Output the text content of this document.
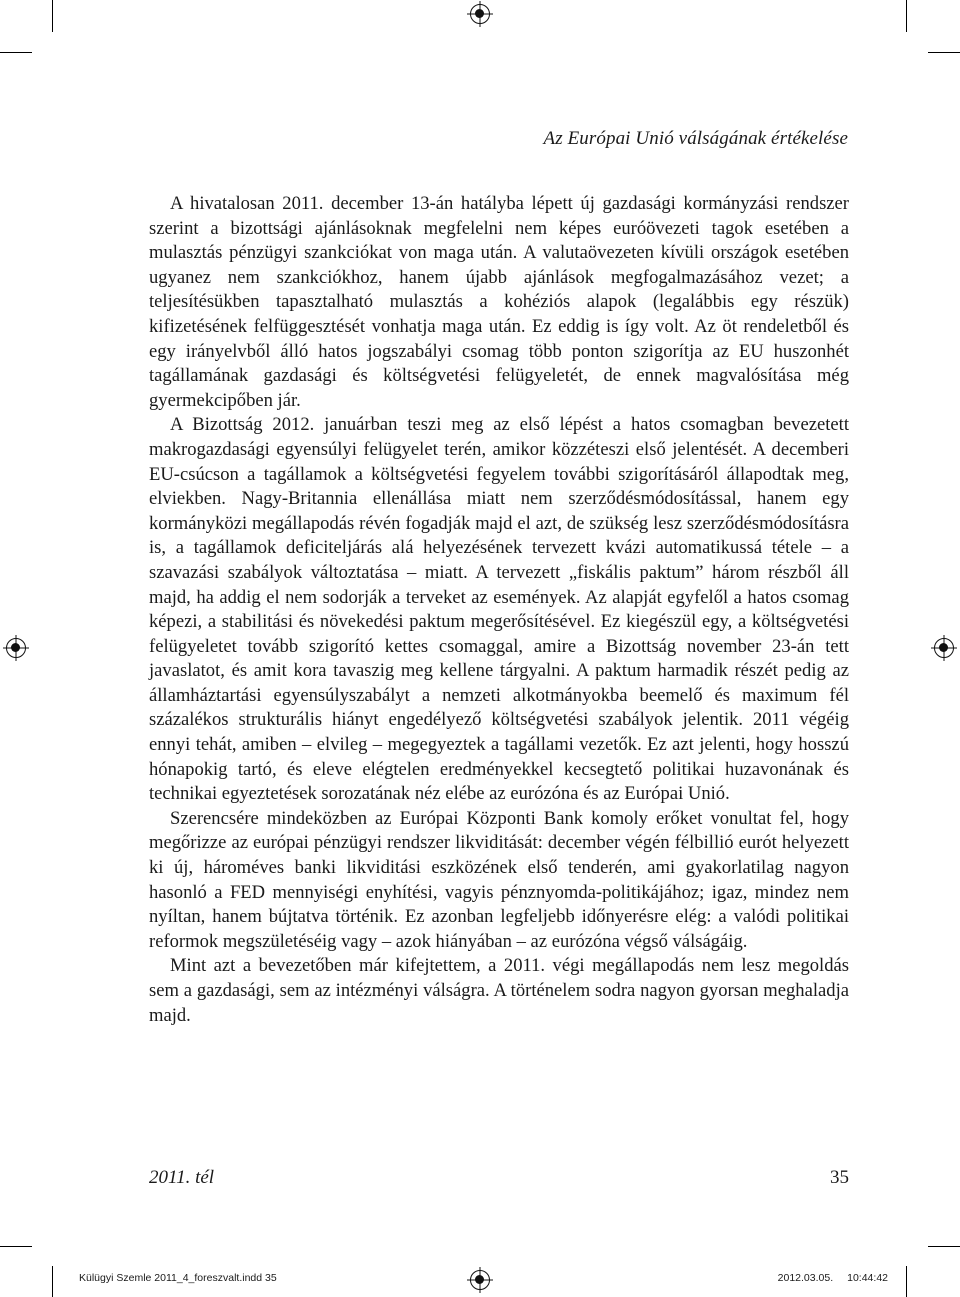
Az Európai Unió válságának értékelése

A hivatalosan 2011. december 13-án hatályba lépett új gazdasági kormányzási rendszer szerint a bizottsági ajánlásoknak megfelelni nem képes euróövezeti tagok esetében a mulasztás pénzügyi szankciókat von maga után. A valutaövezeten kívüli országok esetében ugyanez nem szankciókhoz, hanem újabb ajánlások megfogalmazásához vezet; a teljesítésükben tapasztalható mulasztás a kohéziós alapok (legalábbis egy részük) kifizetésének felfüggesztését vonhatja maga után. Ez eddig is így volt. Az öt rendeletből és egy irányelvből álló hatos jogszabályi csomag több ponton szigorítja az EU huszonhét tagállamának gazdasági és költségvetési felügyeletét, de ennek magvalósítása még gyermekcipőben jár.

A Bizottság 2012. januárban teszi meg az első lépést a hatos csomagban bevezetett makrogazdasági egyensúlyi felügyelet terén, amikor közzéteszi első jelentését. A decemberi EU-csúcson a tagállamok a költségvetési fegyelem további szigorításáról állapodtak meg, elviekben. Nagy-Britannia ellenállása miatt nem szerződésmódosítással, hanem egy kormányközi megállapodás révén fogadják majd el azt, de szükség lesz szerződésmódosításra is, a tagállamok deficiteljárás alá helyezésének tervezett kvázi automatikussá tétele – a szavazási szabályok változtatása – miatt. A tervezett „fiskális paktum” három részből áll majd, ha addig el nem sodorják a terveket az események. Az alapját egyfelől a hatos csomag képezi, a stabilitási és növekedési paktum megerősítésével. Ez kiegészül egy, a költségvetési felügyeletet tovább szigorító kettes csomaggal, amire a Bizottság november 23-án tett javaslatot, és amit kora tavaszig meg kellene tárgyalni. A paktum harmadik részét pedig az államháztartási egyensúlyszabályt a nemzeti alkotmányokba beemelő és maximum fél százalékos strukturális hiányt engedélyező költségvetési szabályok jelentik. 2011 végéig ennyi tehát, amiben – elvileg – megegyeztek a tagállami vezetők. Ez azt jelenti, hogy hosszú hónapokig tartó, és eleve elégtelen eredményekkel kecsegtető politikai huzavonának és technikai egyeztetések sorozatának néz elébe az eurózóna és az Európai Unió.

Szerencsére mindeközben az Európai Központi Bank komoly erőket vonultat fel, hogy megőrizze az európai pénzügyi rendszer likviditását: december végén félbillió eurót helyezett ki új, hároméves banki likviditási eszközének első tenderén, ami gyakorlatilag nagyon hasonló a FED mennyiségi enyhítési, vagyis pénznyomda-politikájához; igaz, mindez nem nyíltan, hanem bújtatva történik. Ez azonban legfeljebb időnyerésre elég: a valódi politikai reformok megszületéséig vagy – azok hiányában – az eurózóna végső válságáig.

Mint azt a bevezetőben már kifejtettem, a 2011. végi megállapodás nem lesz megoldás sem a gazdasági, sem az intézményi válságra. A történelem sodra nagyon gyorsan meghaladja majd.

2011. tél	35
Külügyi Szemle 2011_4_foreszvalt.indd 35	2012.03.05. 10:44:42
